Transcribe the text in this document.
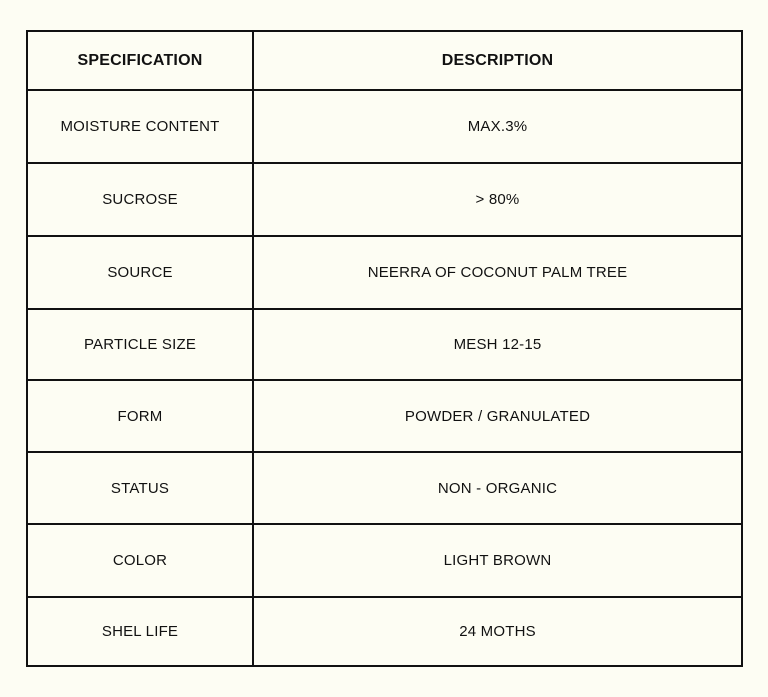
SPECIFICATION	DESCRIPTION
MOISTURE CONTENT	MAX.3%
SUCROSE	> 80%
SOURCE	NEERRA OF COCONUT PALM TREE
PARTICLE SIZE	MESH 12-15
FORM	POWDER / GRANULATED
STATUS	NON - ORGANIC
COLOR	LIGHT BROWN
SHEL LIFE	24 MOTHS
